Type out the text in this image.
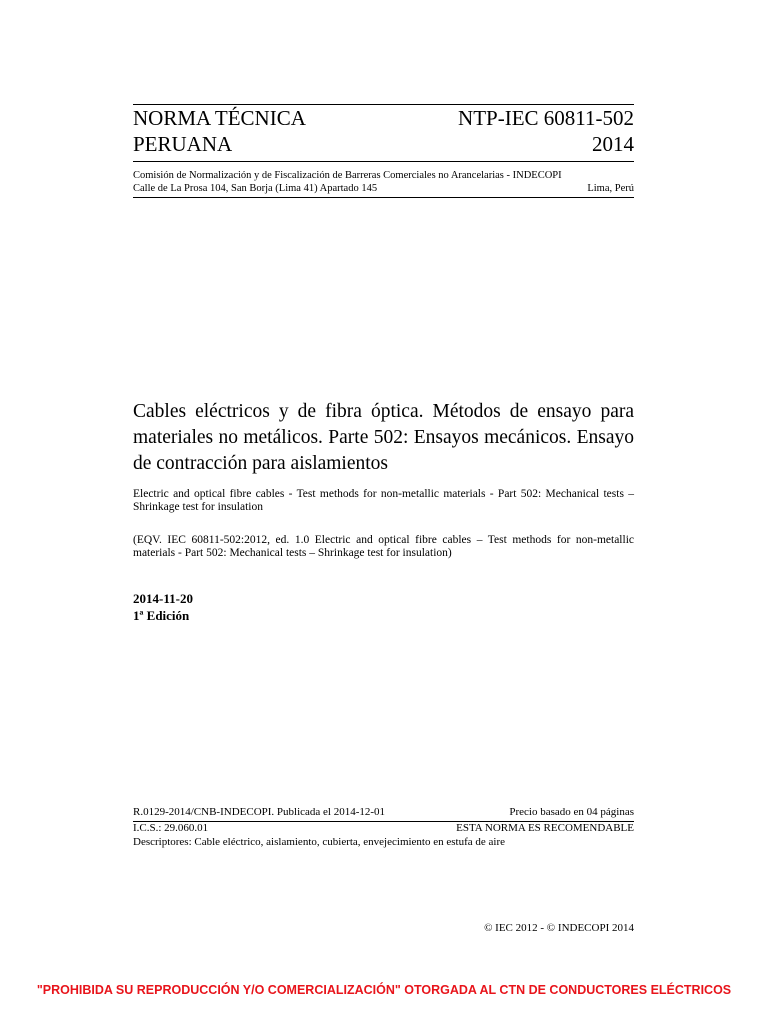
NORMA TÉCNICA
PERUANA
NTP-IEC 60811-502
2014
Comisión de Normalización y de Fiscalización de Barreras Comerciales no Arancelarias - INDECOPI
Calle de La Prosa 104, San Borja (Lima 41) Apartado 145	Lima, Perú
Cables eléctricos y de fibra óptica. Métodos de ensayo para materiales no metálicos. Parte 502: Ensayos mecánicos. Ensayo de contracción para aislamientos
Electric and optical fibre cables - Test methods for non-metallic materials - Part 502: Mechanical tests – Shrinkage test for insulation
(EQV. IEC 60811-502:2012, ed. 1.0 Electric and optical fibre cables – Test methods for non-metallic materials - Part 502: Mechanical tests – Shrinkage test for insulation)
2014-11-20
1ª Edición
R.0129-2014/CNB-INDECOPI. Publicada el 2014-12-01	Precio basado en 04 páginas
I.C.S.: 29.060.01	ESTA NORMA ES RECOMENDABLE
Descriptores: Cable eléctrico, aislamiento, cubierta, envejecimiento en estufa de aire
© IEC 2012 - © INDECOPI 2014
"PROHIBIDA SU REPRODUCCIÓN Y/O COMERCIALIZACIÓN" OTORGADA AL CTN DE CONDUCTORES ELÉCTRICOS
